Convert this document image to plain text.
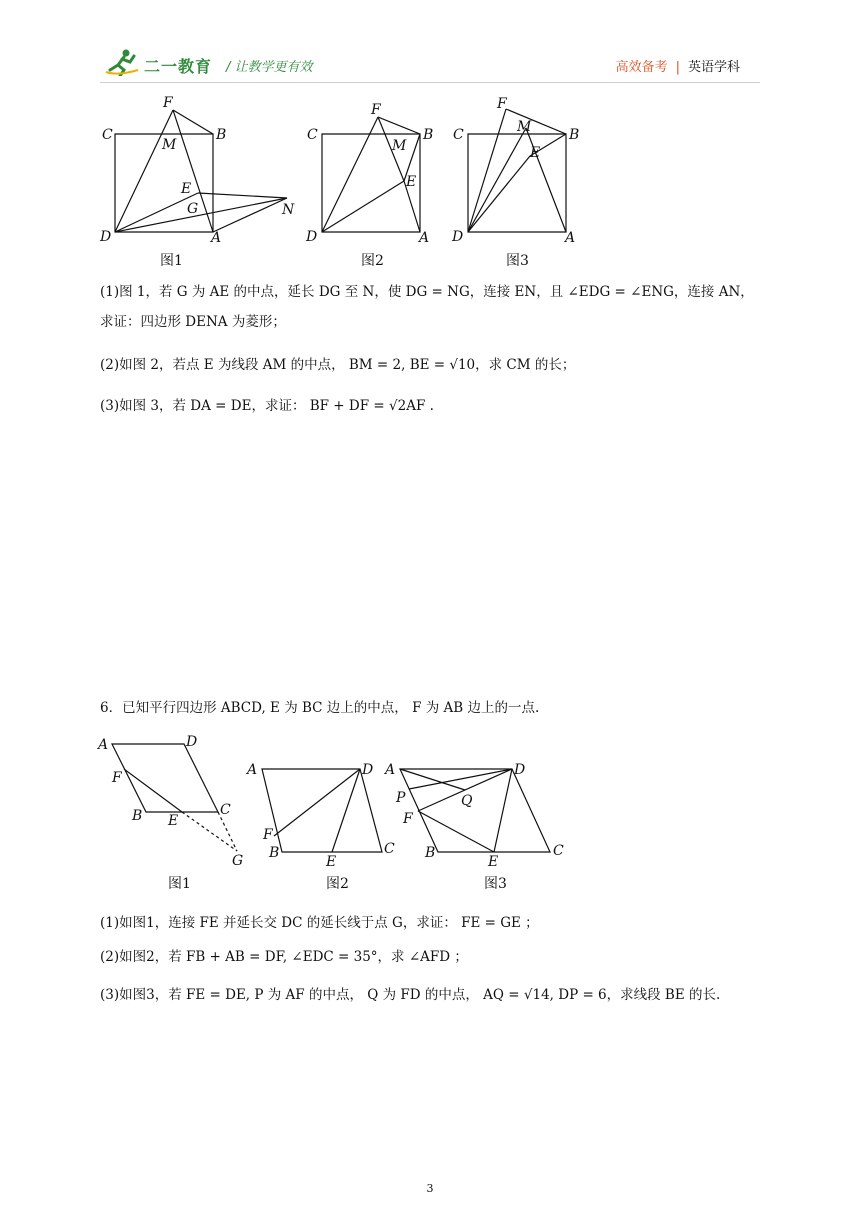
二一教育 / 让教学更有效	高效备考 | 英语学科
F
C	B
M
E
G	N
D	A
图1
F
C	B
M
E
D	A
图2
F
C	M	B
E
D	A
图3
(1)图 1，若 G 为 AE 的中点，延长 DG 至 N，使 DG = NG，连接 EN，且 ∠EDG = ∠ENG，连接 AN，
求证：四边形 DENA 为菱形；
(2)如图 2，若点 E 为线段 AM 的中点， BM = 2, BE = √10，求 CM 的长；
(3)如图 3，若 DA = DE，求证： BF + DF = √2AF .
6．已知平行四边形 ABCD, E 为 BC 边上的中点， F 为 AB 边上的一点.
A	D
F
B E
C
G
图1
A	D
F
B
E
C
图2
A	D
P	Q
F
B
E
C
图3
(1)如图1，连接 FE 并延长交 DC 的延长线于点 G，求证： FE = GE ；
(2)如图2，若 FB + AB = DF, ∠EDC = 35°，求 ∠AFD ；
(3)如图3，若 FE = DE, P 为 AF 的中点， Q 为 FD 的中点， AQ = √14, DP = 6，求线段 BE 的长.
3
